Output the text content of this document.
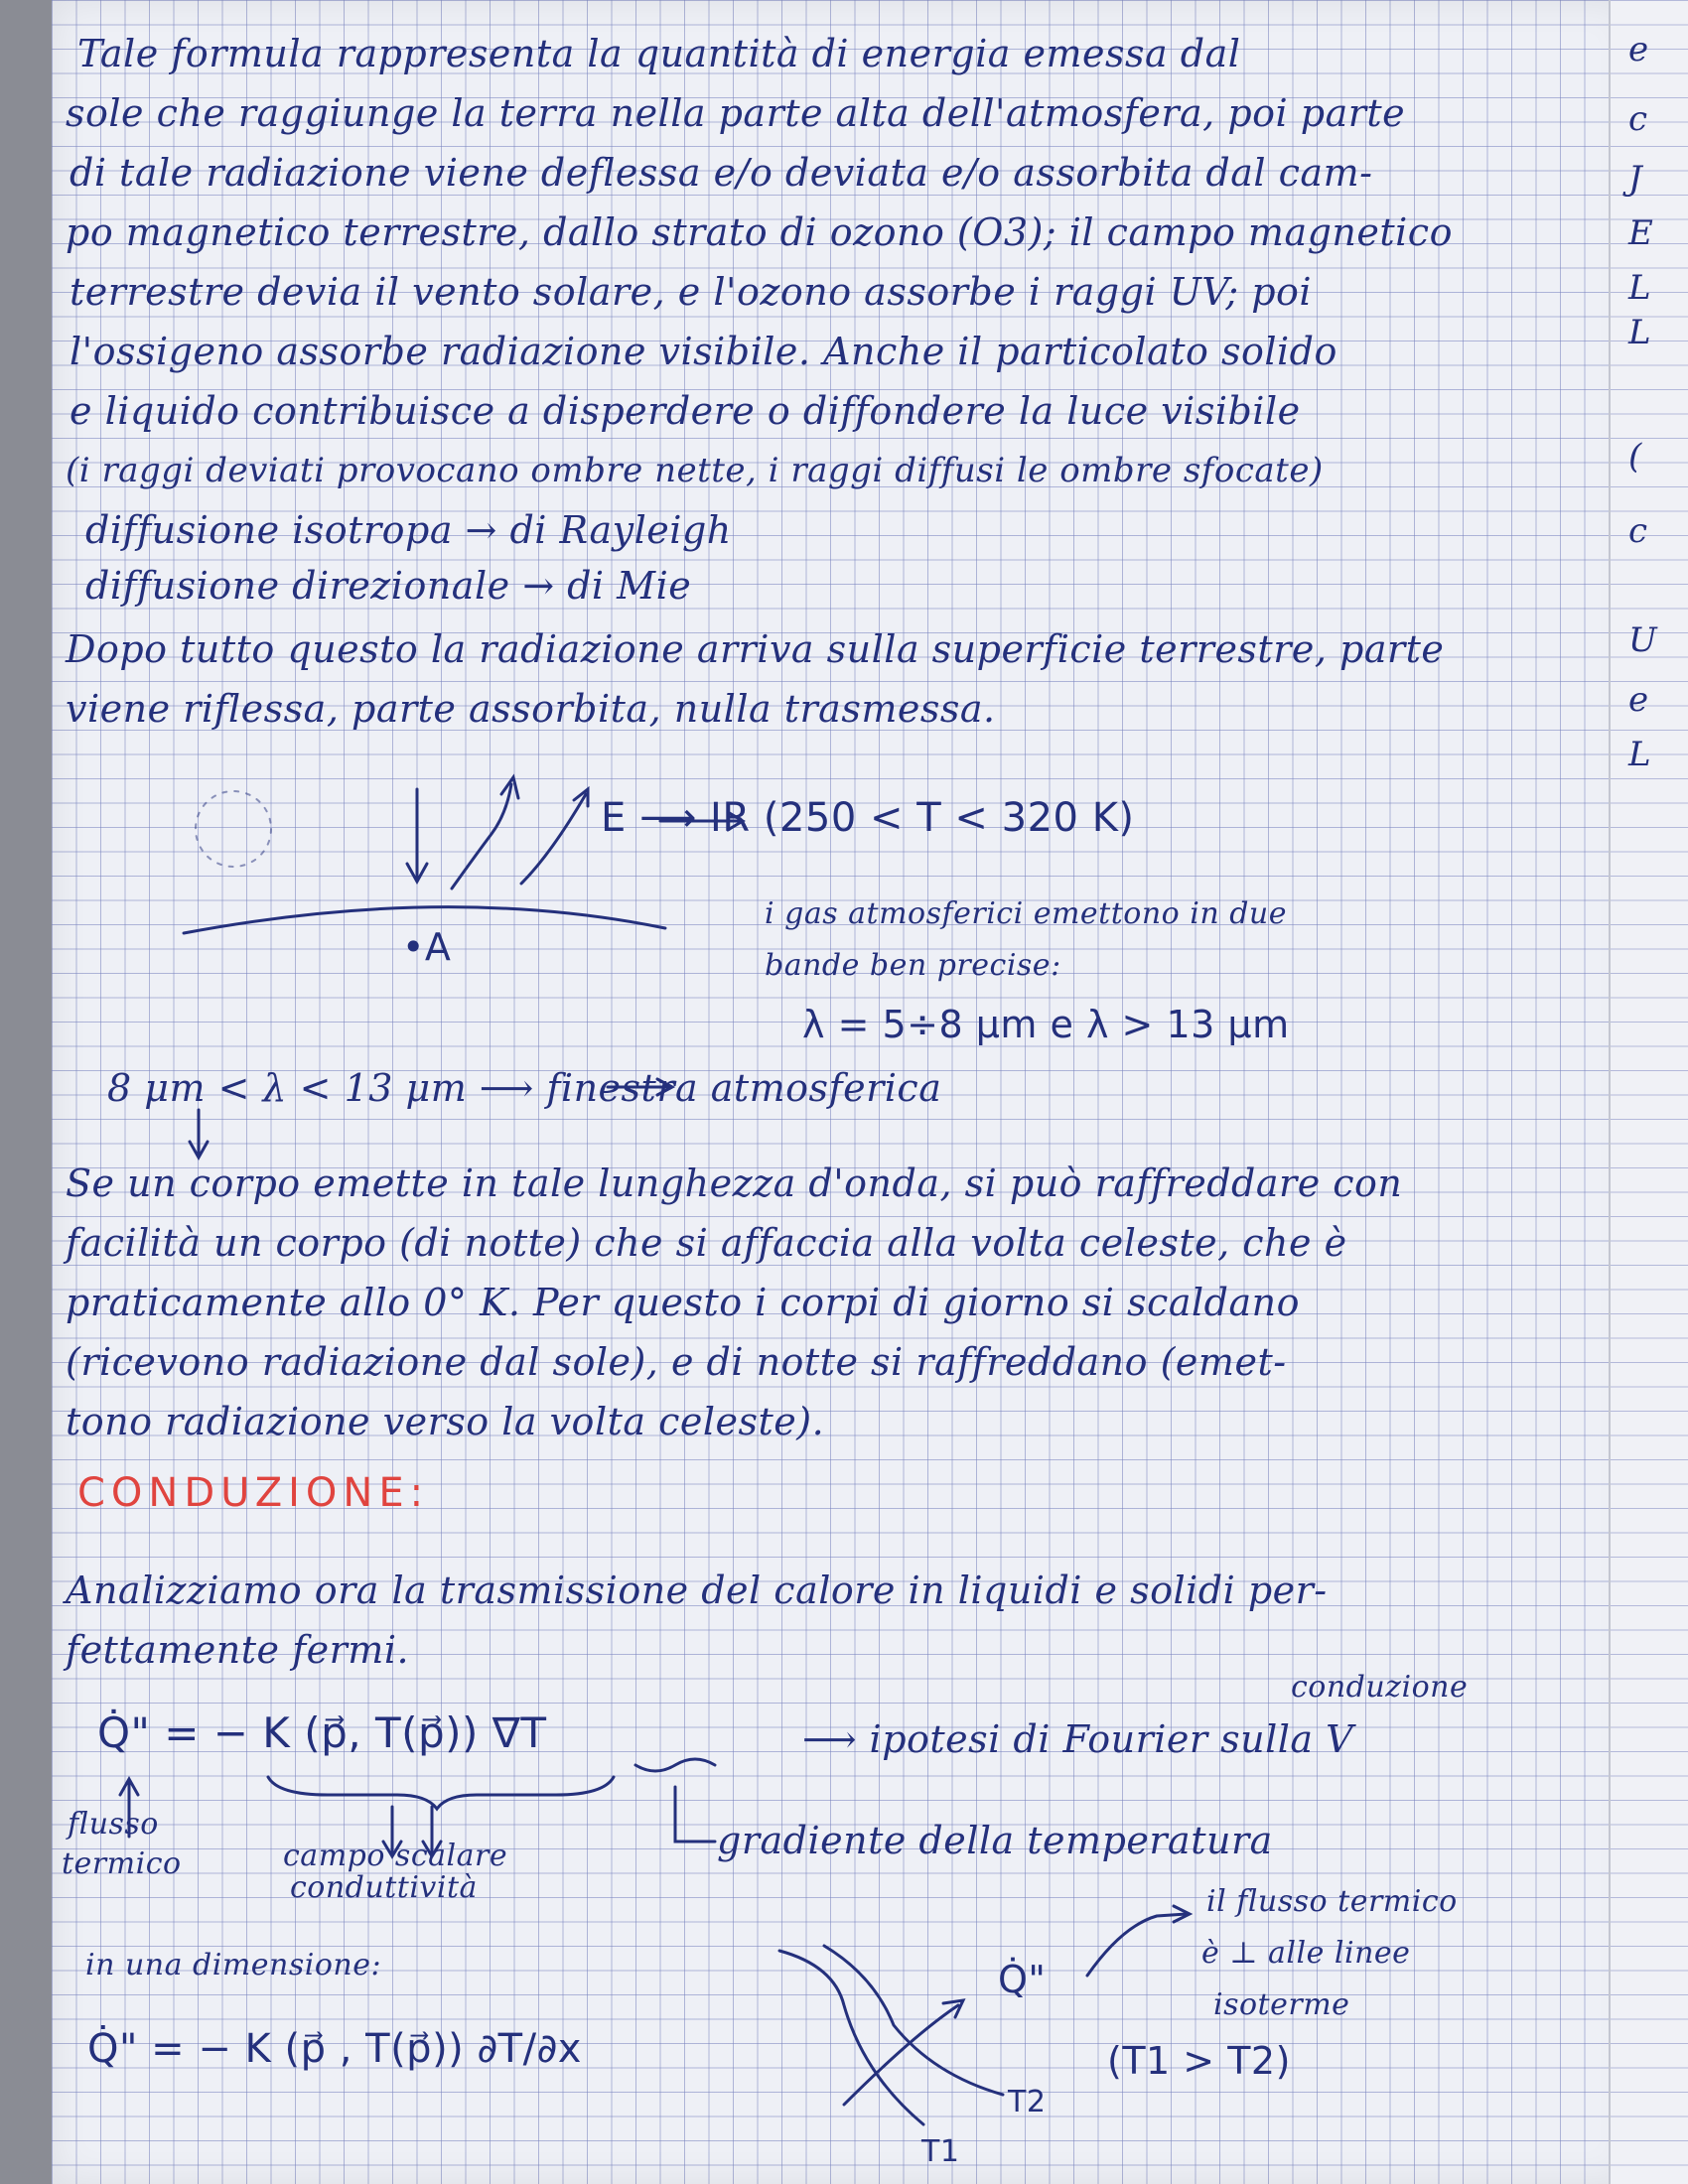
e
c
J
E
L
L
(
c
U
e
L
Tale formula rappresenta la quantità di energia emessa dal
sole che raggiunge la terra nella parte alta dell'atmosfera, poi parte
di tale radiazione viene deflessa e/o deviata e/o assorbita dal cam-
po magnetico terrestre, dallo strato di ozono (O3); il campo magnetico
terrestre devia il vento solare, e l'ozono assorbe i raggi UV; poi
l'ossigeno assorbe radiazione visibile. Anche il particolato solido
e liquido contribuisce a disperdere o diffondere la luce visibile
(i raggi deviati provocano ombre nette, i raggi diffusi le ombre sfocate)
diffusione isotropa → di Rayleigh
diffusione direzionale → di Mie
Dopo tutto questo la radiazione arriva sulla superficie terrestre, parte
viene riflessa, parte assorbita, nulla trasmessa.
E ⟶ IR (250 < T < 320 K)
•A
i gas atmosferici emettono in due
bande ben precise:
λ = 5÷8 μm e λ > 13 μm
8 μm < λ < 13 μm ⟶ finestra atmosferica
Se un corpo emette in tale lunghezza d'onda, si può raffreddare con
facilità un corpo (di notte) che si affaccia alla volta celeste, che è
praticamente allo 0° K. Per questo i corpi di giorno si scaldano
(ricevono radiazione dal sole), e di notte si raffreddano (emet-
tono radiazione verso la volta celeste).
CONDUZIONE:
Analizziamo ora la trasmissione del calore in liquidi e solidi per-
fettamente fermi.
conduzione
Q̇" = − K (p⃗, T(p⃗)) ∇T	⟶ ipotesi di Fourier sulla V
gradiente della temperatura
flusso
termico	campo scalare
conduttività
in una dimensione:
Q̇" = − K (p⃗ , T(p⃗)) ∂T/∂x
il flusso termico
è ⊥ alle linee
isoterme
Q̇"
T2
T1
(T1 > T2)
